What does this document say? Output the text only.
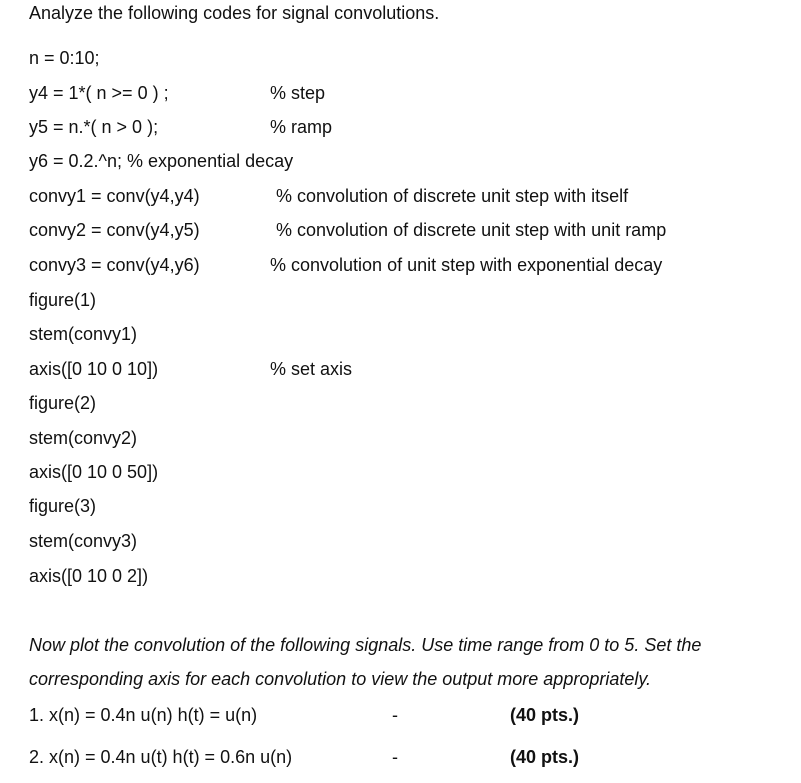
Analyze the following codes for signal convolutions.
n = 0:10;
y4 = 1*( n >= 0 ) ;	% step
y5 = n.*( n > 0 );	% ramp
y6 = 0.2.^n; % exponential decay
convy1 = conv(y4,y4)	% convolution of discrete unit step with itself
convy2 = conv(y4,y5)	% convolution of discrete unit step with unit ramp
convy3 = conv(y4,y6)	% convolution of unit step with exponential decay
figure(1)
stem(convy1)
axis([0 10 0 10])	% set axis
figure(2)
stem(convy2)
axis([0 10 0 50])
figure(3)
stem(convy3)
axis([0 10 0 2])
Now plot the convolution of the following signals. Use time range from 0 to 5. Set the
corresponding axis for each convolution to view the output more appropriately.
1. x(n) = 0.4n u(n) h(t) = u(n)	-	(40 pts.)
2. x(n) = 0.4n u(t) h(t) = 0.6n u(n)	-	(40 pts.)
